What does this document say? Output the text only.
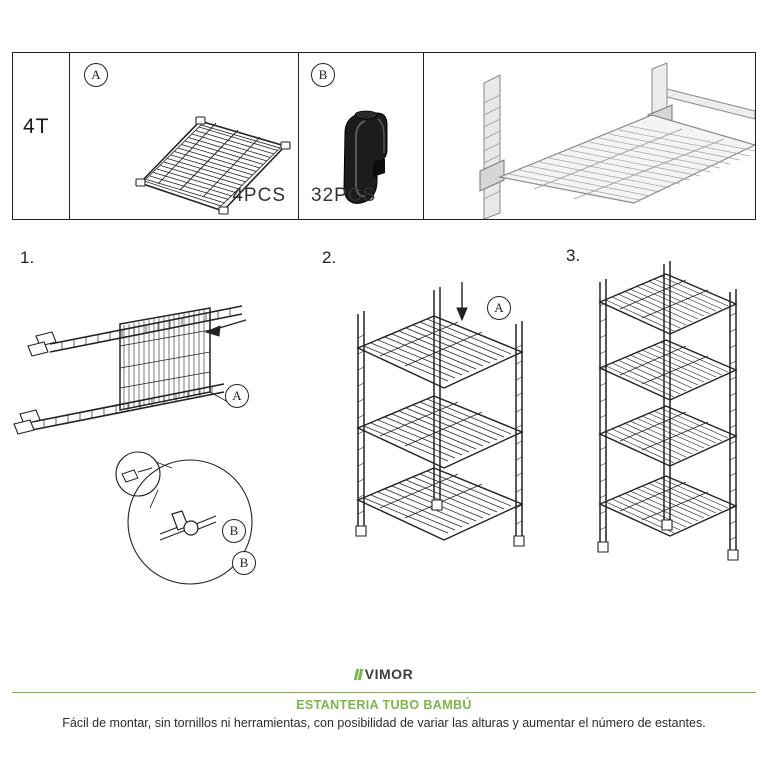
4T
A
4PCS
B
32PCS
1.
A
B
B
2.
A
3.
VIMOR
ESTANTERIA TUBO BAMBÚ
Fácil de montar, sin tornillos ni herramientas, con posibilidad de variar las alturas y aumentar el número de estantes.
